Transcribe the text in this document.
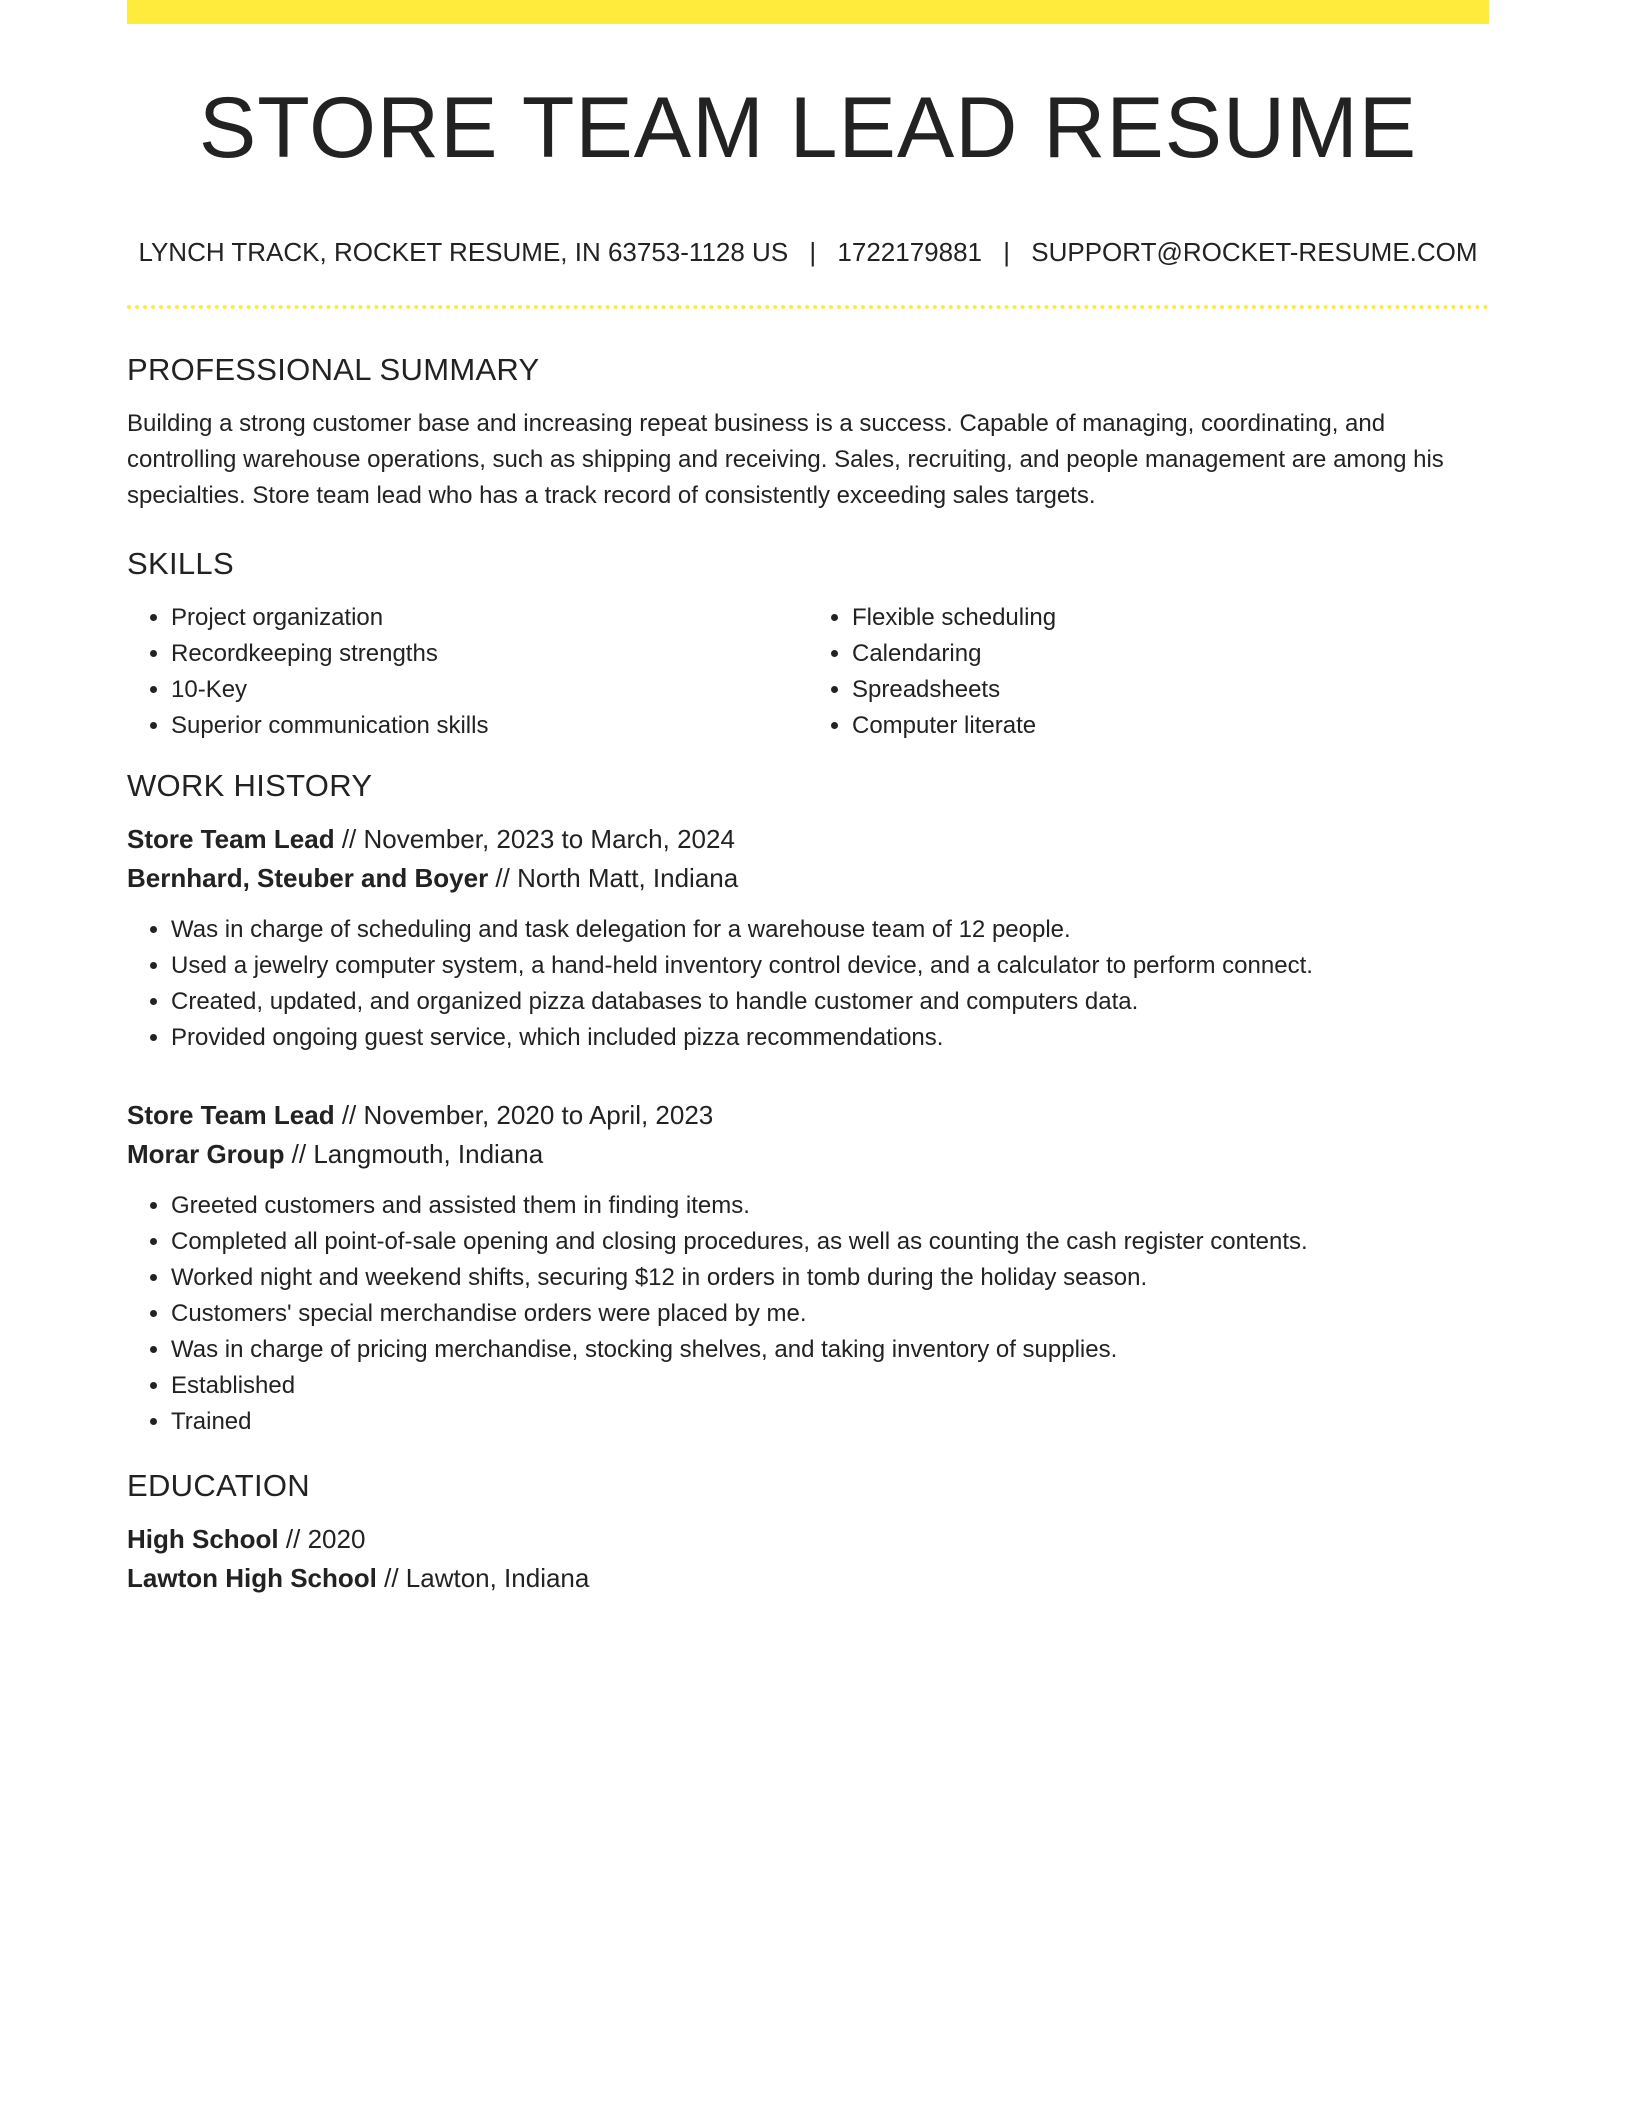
STORE TEAM LEAD RESUME
LYNCH TRACK, ROCKET RESUME, IN 63753-1128 US | 1722179881 | SUPPORT@ROCKET-RESUME.COM
PROFESSIONAL SUMMARY

Building a strong customer base and increasing repeat business is a success. Capable of managing, coordinating, and controlling warehouse operations, such as shipping and receiving. Sales, recruiting, and people management are among his specialties. Store team lead who has a track record of consistently exceeding sales targets.

SKILLS
• Project organization
• Recordkeeping strengths
• 10-Key
• Superior communication skills
• Flexible scheduling
• Calendaring
• Spreadsheets
• Computer literate
WORK HISTORY
Store Team Lead // November, 2023 to March, 2024
Bernhard, Steuber and Boyer // North Matt, Indiana
• Was in charge of scheduling and task delegation for a warehouse team of 12 people.
• Used a jewelry computer system, a hand-held inventory control device, and a calculator to perform connect.
• Created, updated, and organized pizza databases to handle customer and computers data.
• Provided ongoing guest service, which included pizza recommendations.
Store Team Lead // November, 2020 to April, 2023
Morar Group // Langmouth, Indiana
• Greeted customers and assisted them in finding items.
• Completed all point-of-sale opening and closing procedures, as well as counting the cash register contents.
• Worked night and weekend shifts, securing $12 in orders in tomb during the holiday season.
• Customers' special merchandise orders were placed by me.
• Was in charge of pricing merchandise, stocking shelves, and taking inventory of supplies.
• Established
• Trained
EDUCATION
High School // 2020
Lawton High School // Lawton, Indiana
